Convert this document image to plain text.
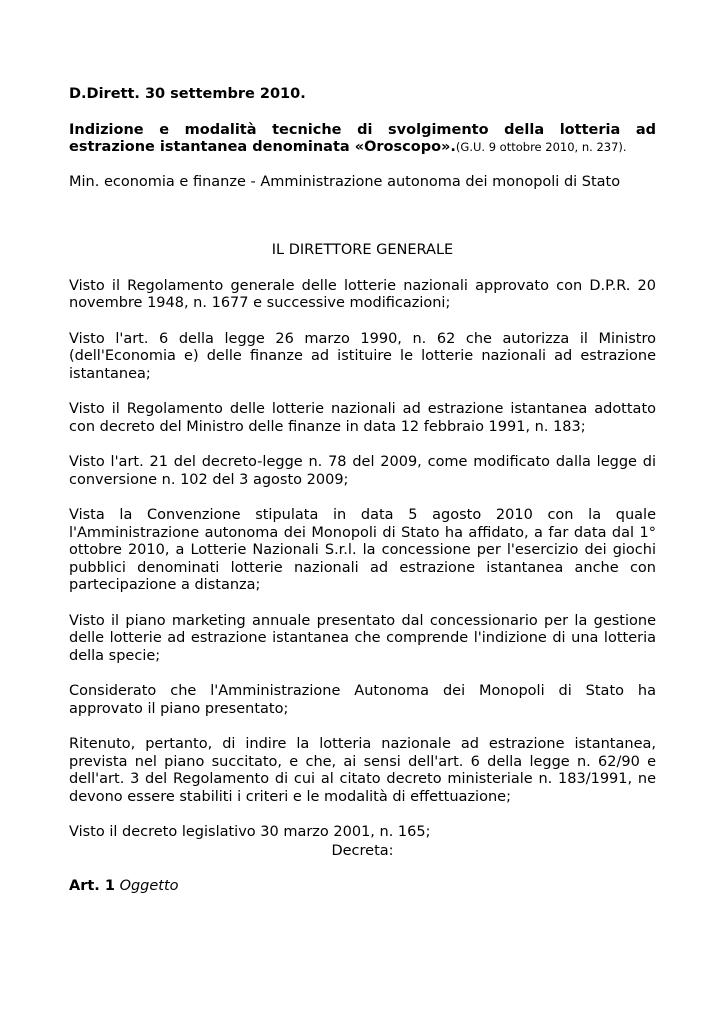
D.Dirett. 30 settembre 2010.

Indizione e modalità tecniche di svolgimento della lotteria ad estrazione istantanea denominata «Oroscopo».(G.U. 9 ottobre 2010, n. 237).

Min. economia e finanze - Amministrazione autonoma dei monopoli di Stato

IL DIRETTORE GENERALE

Visto il Regolamento generale delle lotterie nazionali approvato con D.P.R. 20 novembre 1948, n. 1677 e successive modificazioni;

Visto l'art. 6 della legge 26 marzo 1990, n. 62 che autorizza il Ministro (dell'Economia e) delle finanze ad istituire le lotterie nazionali ad estrazione istantanea;

Visto il Regolamento delle lotterie nazionali ad estrazione istantanea adottato con decreto del Ministro delle finanze in data 12 febbraio 1991, n. 183;

Visto l'art. 21 del decreto-legge n. 78 del 2009, come modificato dalla legge di conversione n. 102 del 3 agosto 2009;

Vista la Convenzione stipulata in data 5 agosto 2010 con la quale l'Amministrazione autonoma dei Monopoli di Stato ha affidato, a far data dal 1° ottobre 2010, a Lotterie Nazionali S.r.l. la concessione per l'esercizio dei giochi pubblici denominati lotterie nazionali ad estrazione istantanea anche con partecipazione a distanza;

Visto il piano marketing annuale presentato dal concessionario per la gestione delle lotterie ad estrazione istantanea che comprende l'indizione di una lotteria della specie;

Considerato che l'Amministrazione Autonoma dei Monopoli di Stato ha approvato il piano presentato;

Ritenuto, pertanto, di indire la lotteria nazionale ad estrazione istantanea, prevista nel piano succitato, e che, ai sensi dell'art. 6 della legge n. 62/90 e dell'art. 3 del Regolamento di cui al citato decreto ministeriale n. 183/1991, ne devono essere stabiliti i criteri e le modalità di effettuazione;

Visto il decreto legislativo 30 marzo 2001, n. 165;

Decreta:

Art. 1 Oggetto
